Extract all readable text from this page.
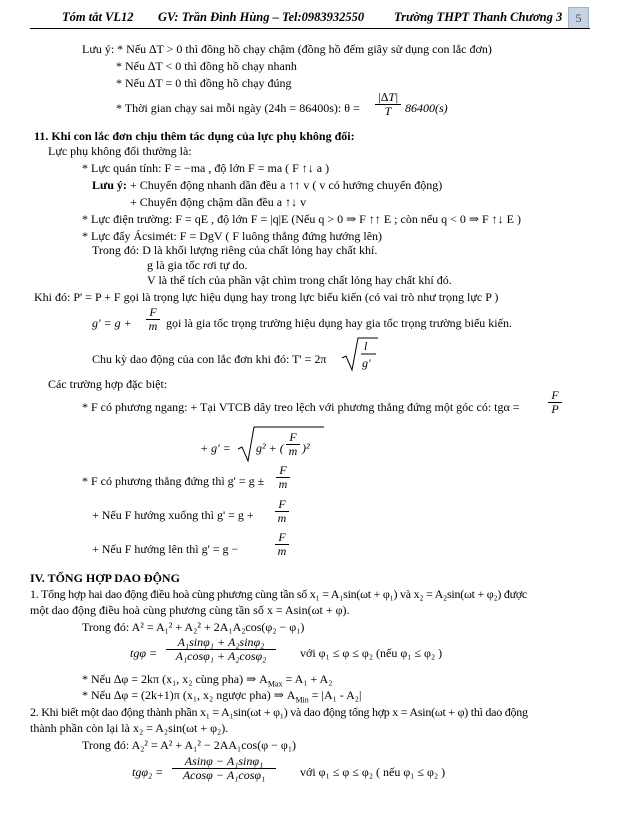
Tóm tắt VL12 GV: Trần Đình Hùng – Tel:0983932550 Trường THPT Thanh Chương 3	5
Lưu ý: * Nếu ∆T > 0 thì đồng hồ chạy chậm (đồng hồ đếm giây sử dụng con lắc đơn)
* Nếu ∆T < 0 thì đồng hồ chạy nhanh
* Nếu ∆T = 0 thì đồng hồ chạy đúng
* Thời gian chạy sai mỗi ngày (24h = 86400s): $\theta = \frac{|\Delta T|}{T} 86400(s)$
11. Khi con lắc đơn chịu thêm tác dụng của lực phụ không đổi:
Lực phụ không đổi thường là:
* Lực quán tính: F = −ma , độ lớn F = ma ( F ↑↓ a )
Lưu ý: + Chuyển động nhanh dần đều a ↑↑ v ( v có hướng chuyển động)
+ Chuyển động chậm dần đều a ↑↓ v
* Lực điện trường: F = qE , độ lớn F = |q|E (Nếu q > 0 ⇒ F ↑↑ E ; còn nếu q < 0 ⇒ F ↑↓ E )
* Lực đẩy Ácsimét: F = DgV ( F luông thẳng đứng hướng lên)
Trong đó: D là khối lượng riêng của chất lỏng hay chất khí.
g là gia tốc rơi tự do.
V là thể tích của phần vật chìm trong chất lỏng hay chất khí đó.
Khi đó: P' = P + F gọi là trọng lực hiệu dụng hay trong lực biểu kiến (có vai trò như trọng lực P )
$g' = g + \frac{F}{m}$ gọi là gia tốc trọng trường hiệu dụng hay gia tốc trọng trường biểu kiến.
Chu kỳ dao động của con lắc đơn khi đó: T' = 2π
l
g'
Các trường hợp đặc biệt:
* F có phương ngang: + Tại VTCB dây treo lệch với phương thẳng đứng một góc có: $tg\alpha = \frac{F}{P}$
+ g' = g² + ( $\frac{F}{m} )^2$
* F có phương thẳng đứng thì $g' = g \pm \frac{F}{m}$
+ Nếu F hướng xuống thì $g' = g + \frac{F}{m}$
+ Nếu F hướng lên thì g' = g −	$\frac{F}{m}$
IV. TỔNG HỢP DAO ĐỘNG
1. Tổng hợp hai dao động điều hoà cùng phương cùng tần số x₁ = A₁sin(ωt + φ₁) và x₂ = A₂sin(ωt + φ₂) được
một dao động điều hoà cùng phương cùng tần số x = Asin(ωt + φ).
Trong đó: A² = A₁² + A₂² + 2A₁A₂cos(φ₂ − φ₁)
$tg\varphi = \frac{\text{A₁sinφ₁ + A₂sinφ₂}}{\text{A₁cosφ₁ + A₂cosφ₂}}$ với φ₁ ≤ φ ≤ φ₂ (nếu φ₁ ≤ φ₂ )
* Nếu ∆φ = 2kπ (x₁, x₂ cùng pha) ⇒ $A_{Max} = A_1 + A_2$
* Nếu ∆φ = (2k+1)π (x₁, x₂ ngược pha) ⇒ $A_{Min} = |A_1 - A_2|$
2. Khi biết một dao động thành phần x₁ = A₁sin(ωt + φ₁) và dao động tổng hợp x = Asin(ωt + φ) thì dao động
thành phần còn lại là x₂ = A₂sin(ωt + φ₂).
Trong đó: A₂² = A² + A₁² − 2AA₁cos(φ − φ₁)
$tg\varphi_2 = \frac{\text{Asinφ − A₁sinφ₁}}{\text{Acosφ − A₁cosφ₁}}$ với φ₁ ≤ φ ≤ φ₂ ( nếu φ₁ ≤ φ₂ )
